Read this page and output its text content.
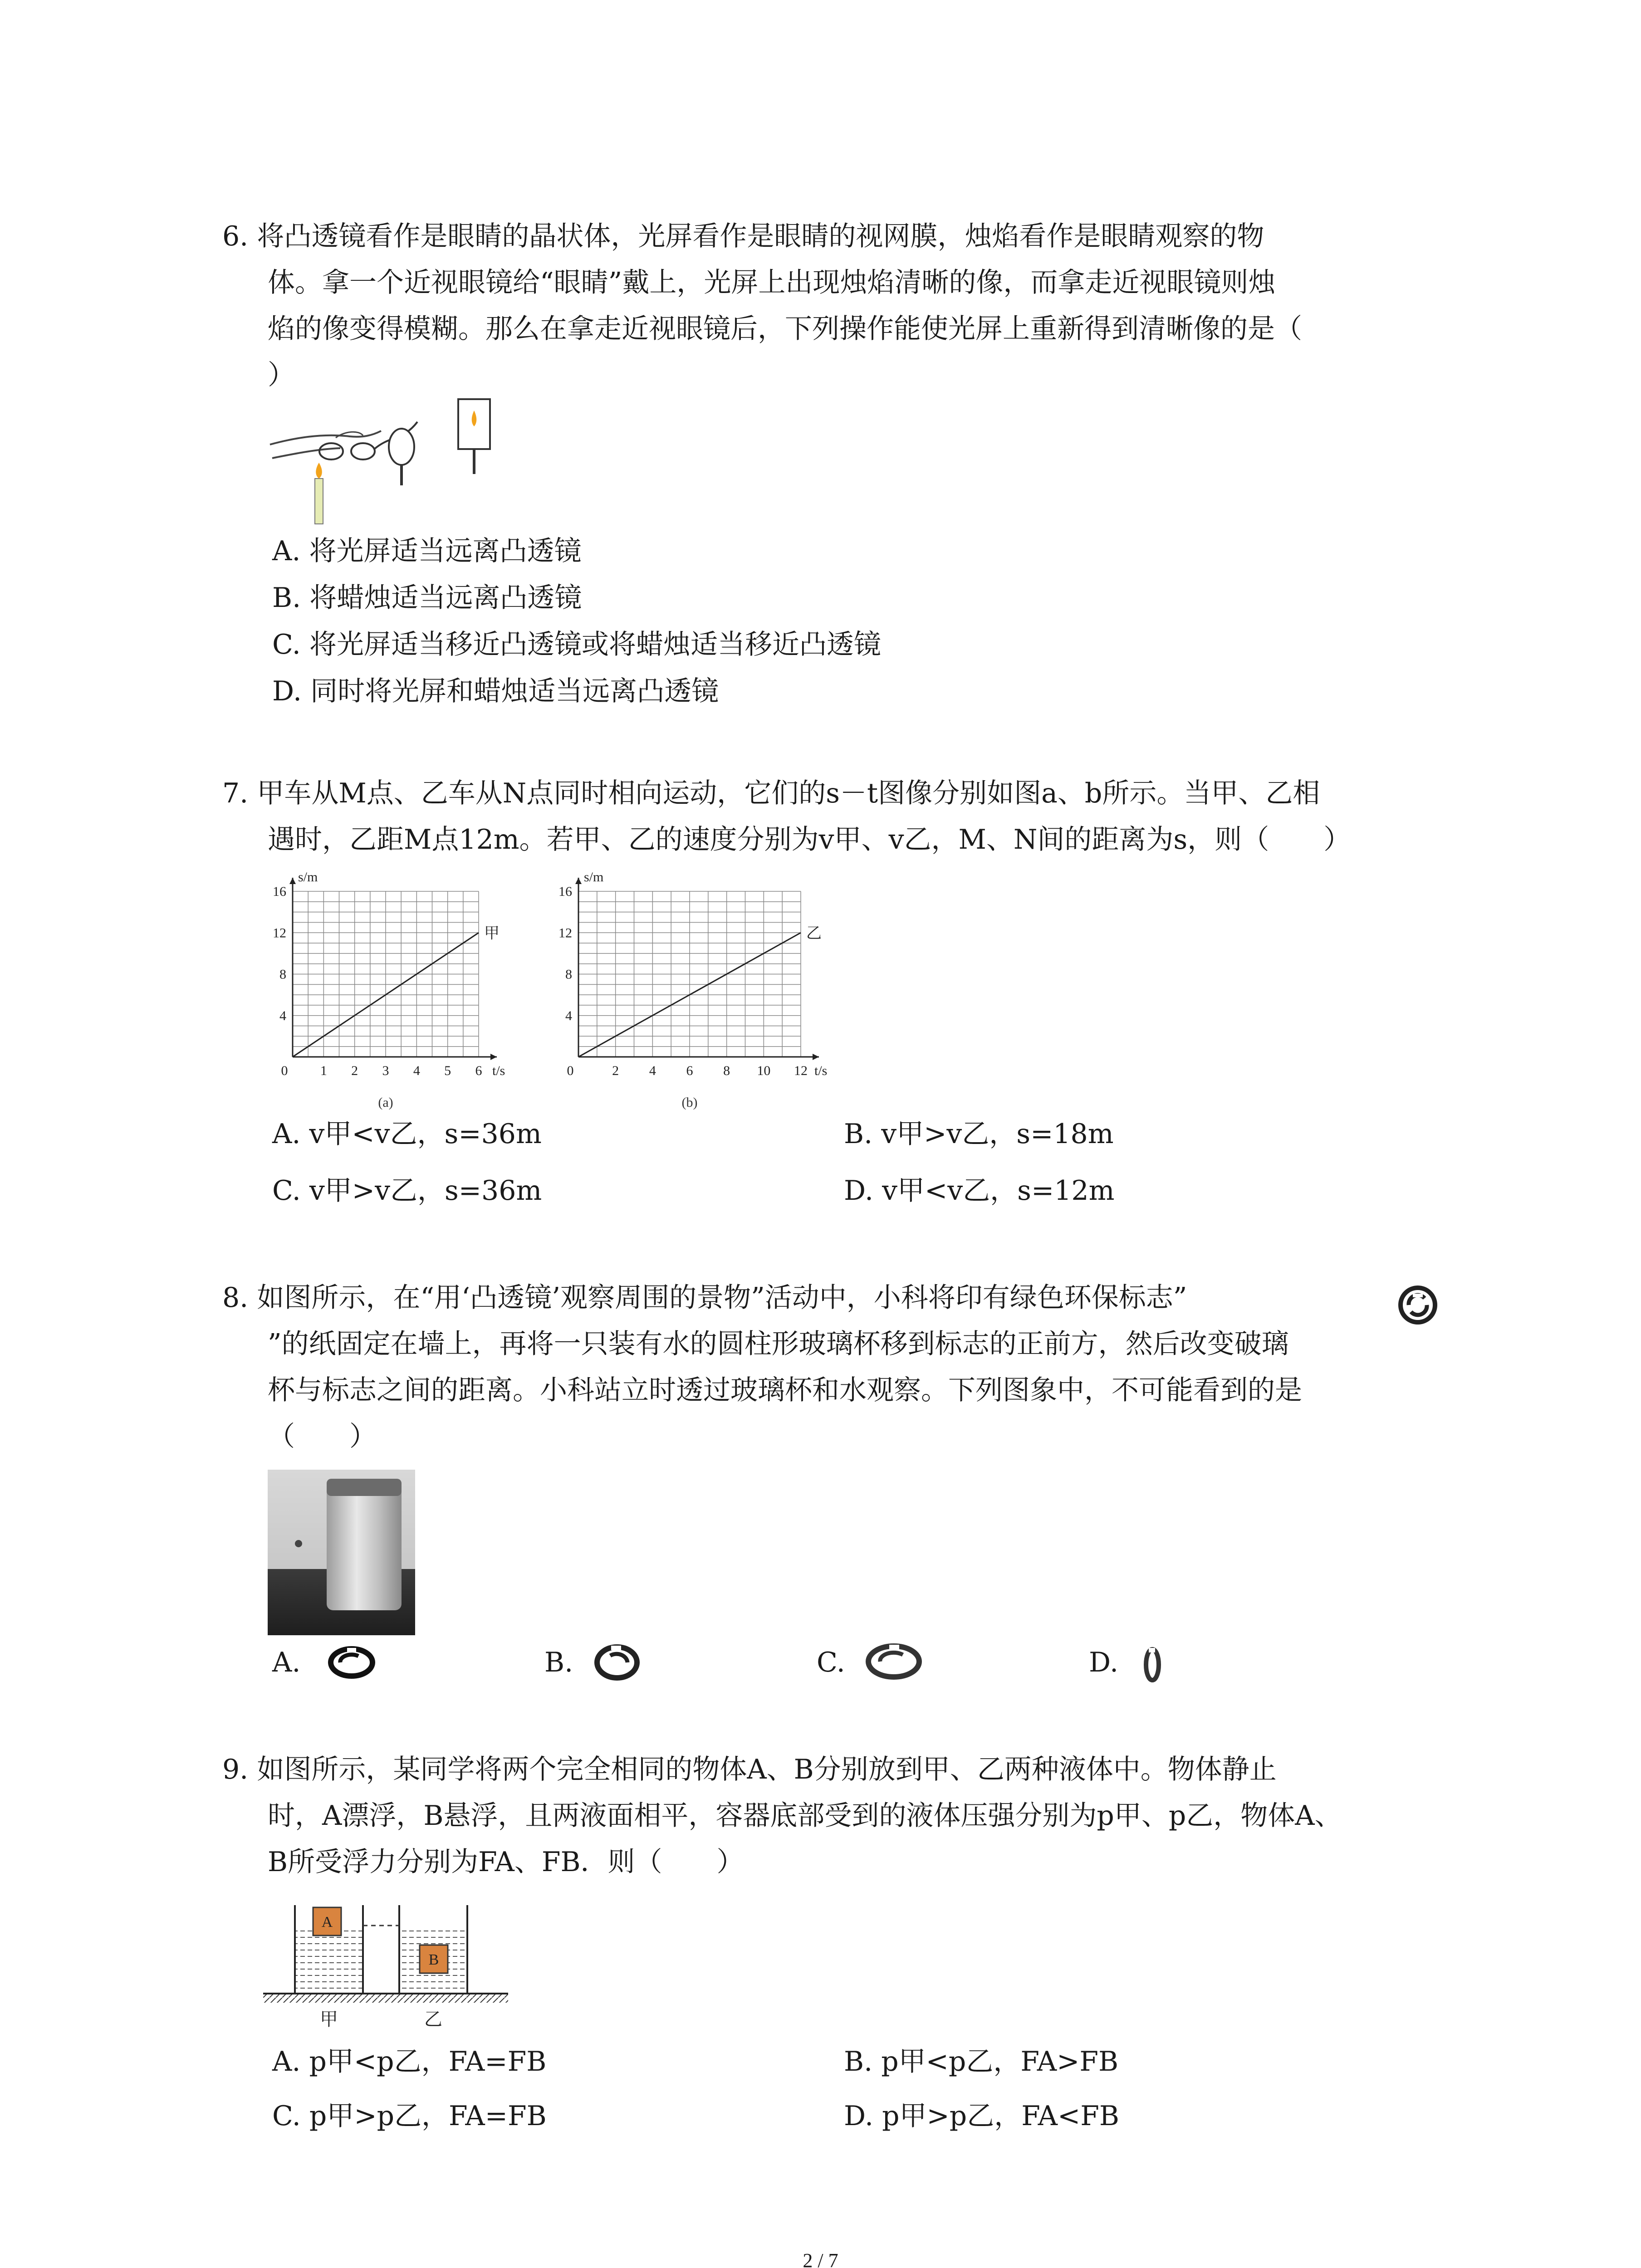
6. 将凸透镜看作是眼睛的晶状体，光屏看作是眼睛的视网膜，烛焰看作是眼睛观察的物
体。拿一个近视眼镜给“眼睛”戴上，光屏上出现烛焰清晰的像，而拿走近视眼镜则烛
焰的像变得模糊。那么在拿走近视眼镜后，下列操作能使光屏上重新得到清晰像的是（
）
A. 将光屏适当远离凸透镜
B. 将蜡烛适当远离凸透镜
C. 将光屏适当移近凸透镜或将蜡烛适当移近凸透镜
D. 同时将光屏和蜡烛适当远离凸透镜
7. 甲车从M点、乙车从N点同时相向运动，它们的s－t图像分别如图a、b所示。当甲、乙相
遇时，乙距M点12m。若甲、乙的速度分别为v甲、v乙，M、N间的距离为s，则（　　）
0 1 2 3 4 5 6
4
8
12
16
t/s
s/m
甲
(a)
0	2 4 6 8 10 12
4
8
12
16
t/s
s/m
乙
(b)
A. v甲<v乙，s=36m	B. v甲>v乙，s=18m
C. v甲>v乙，s=36m	D. v甲<v乙，s=12m
8. 如图所示，在“用‘凸透镜’观察周围的景物”活动中，小科将印有绿色环保标志”
”的纸固定在墙上，再将一只装有水的圆柱形玻璃杯移到标志的正前方，然后改变破璃
杯与标志之间的距离。小科站立时透过玻璃杯和水观察。下列图象中，不可能看到的是
（　　）
A.	B.	C.	D.
9. 如图所示，某同学将两个完全相同的物体A、B分别放到甲、乙两种液体中。物体静止
时，A漂浮，B悬浮，且两液面相平，容器底部受到的液体压强分别为p甲、p乙，物体A、
B所受浮力分别为FA、FB．则（　　）
A
B
甲	乙
A. p甲<p乙，FA=FB	B. p甲<p乙，FA>FB
C. p甲>p乙，FA=FB	D. p甲>p乙，FA<FB
2 / 7
